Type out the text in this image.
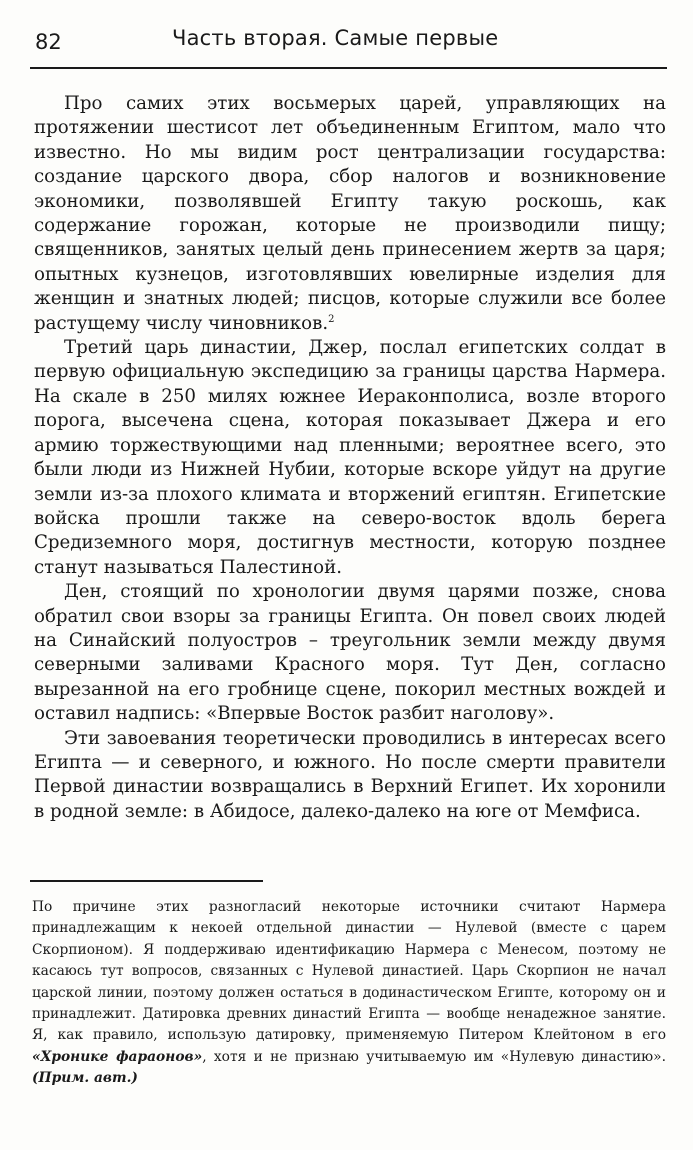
82	Часть вторая. Самые первые

Про самих этих восьмерых царей, управляющих на протяжении шестисот лет объединенным Египтом, мало что известно. Но мы видим рост централизации государства: создание царского двора, сбор налогов и возникновение экономики, позволявшей Египту такую роскошь, как содержание горожан, которые не производили пищу; священников, занятых целый день принесением жертв за царя; опытных кузнецов, изготовлявших ювелирные изделия для женщин и знатных людей; писцов, которые служили все более растущему числу чиновников.$^2$

Третий царь династии, Джер, послал египетских солдат в первую официальную экспедицию за границы царства Нармера. На скале в 250 милях южнее Иераконполиса, возле второго порога, высечена сцена, которая показывает Джера и его армию торжествующими над пленными; вероятнее всего, это были люди из Нижней Нубии, которые вскоре уйдут на другие земли из-за плохого климата и вторжений египтян. Египетские войска прошли также на северо-восток вдоль берега Средиземного моря, достигнув местности, которую позднее станут называться Палестиной.

Ден, стоящий по хронологии двумя царями позже, снова обратил свои взоры за границы Египта. Он повел своих людей на Синайский полуостров – треугольник земли между двумя северными заливами Красного моря. Тут Ден, согласно вырезанной на его гробнице сцене, покорил местных вождей и оставил надпись: «Впервые Восток разбит наголову».

Эти завоевания теоретически проводились в интересах всего Египта — и северного, и южного. Но после смерти правители Первой династии возвращались в Верхний Египет. Их хоронили в родной земле: в Абидосе, далеко-далеко на юге от Мемфиса.

По причине этих разногласий некоторые источники считают Нармера принадлежащим к некоей отдельной династии — Нулевой (вместе с царем Скорпионом). Я поддерживаю идентификацию Нармера с Менесом, поэтому не касаюсь тут вопросов, связанных с Нулевой династией. Царь Скорпион не начал царской линии, поэтому должен остаться в додинастическом Египте, которому он и принадлежит. Датировка древних династий Египта — вообще ненадежное занятие. Я, как правило, использую датировку, применяемую Питером Клейтоном в его «Хронике фараонов», хотя и не признаю учитываемую им «Нулевую династию». (Прим. авт.)
